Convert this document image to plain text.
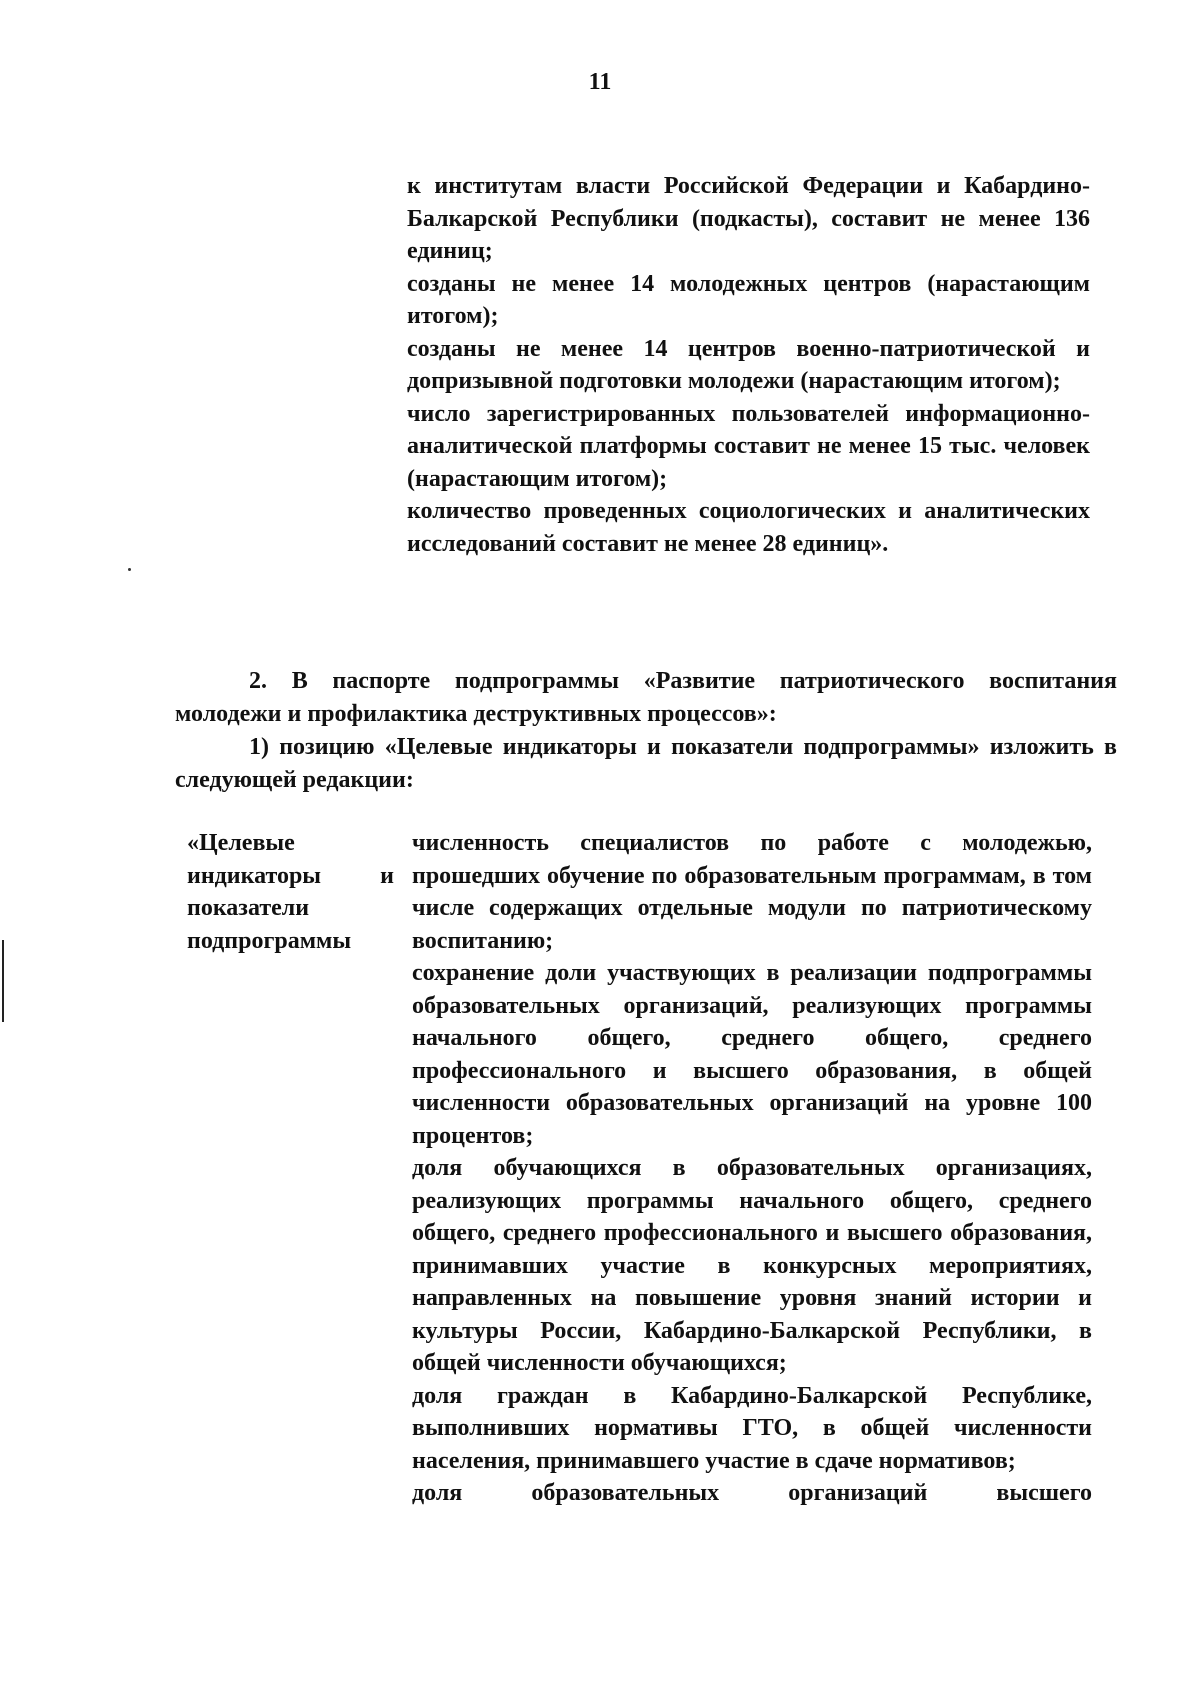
11
к институтам власти Российской Федерации и Кабардино-Балкарской Республики (подкасты), составит не менее 136 единиц;
созданы не менее 14 молодежных центров (нарастающим итогом);
созданы не менее 14 центров военно-патриотической и допризывной подготовки молодежи (нарастающим итогом);
число зарегистрированных пользователей информационно-аналитической платформы составит не менее 15 тыс. человек (нарастающим итогом);
количество проведенных социологических и аналитических исследований составит не менее 28 единиц».
2. В паспорте подпрограммы «Развитие патриотического воспитания молодежи и профилактика деструктивных процессов»:
1) позицию «Целевые индикаторы и показатели подпрограммы» изложить в следующей редакции:
«Целевые индикаторы и показатели подпрограммы
численность специалистов по работе с молодежью, прошедших обучение по образовательным программам, в том числе содержащих отдельные модули по патриотическому воспитанию;
сохранение доли участвующих в реализации подпрограммы образовательных организаций, реализующих программы начального общего, среднего общего, среднего профессионального и высшего образования, в общей численности образовательных организаций на уровне 100 процентов;
доля обучающихся в образовательных организациях, реализующих программы начального общего, среднего общего, среднего профессионального и высшего образования, принимавших участие в конкурсных мероприятиях, направленных на повышение уровня знаний истории и культуры России, Кабардино-Балкарской Республики, в общей численности обучающихся;
доля граждан в Кабардино-Балкарской Республике, выполнивших нормативы ГТО, в общей численности населения, принимавшего участие в сдаче нормативов;
доля образовательных организаций высшего
